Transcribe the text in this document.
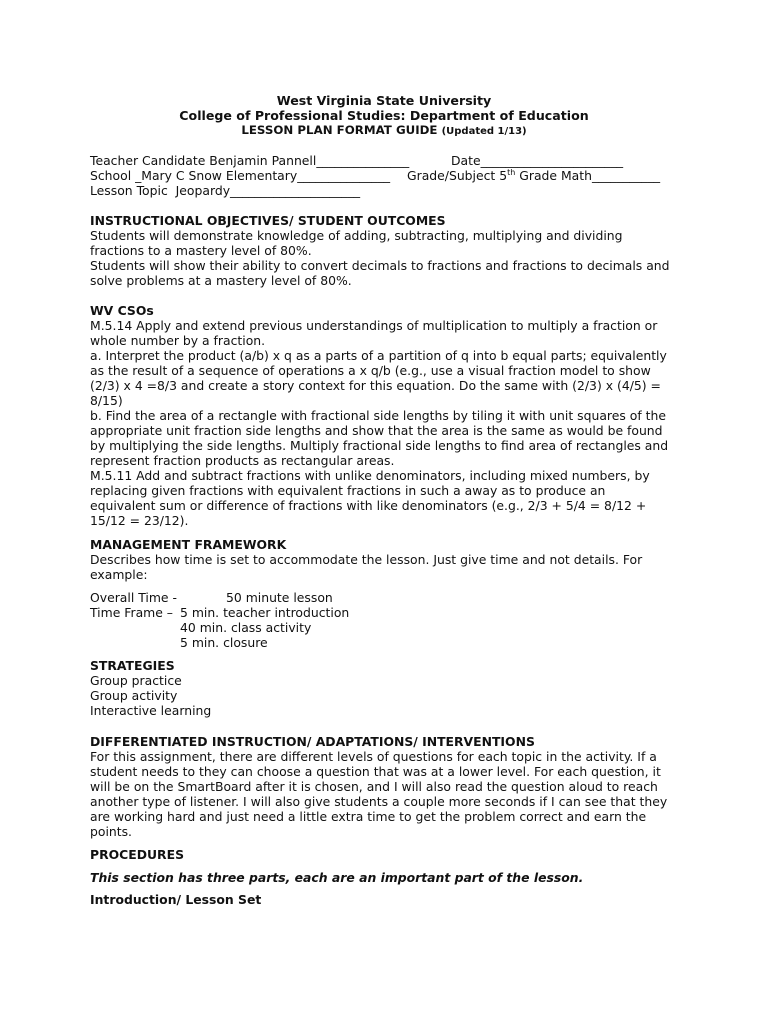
West Virginia State University
College of Professional Studies: Department of Education
LESSON PLAN FORMAT GUIDE (Updated 1/13)
Teacher Candidate Benjamin Pannell_______________	Date_______________________
School _Mary C Snow Elementary_______________ Grade/Subject 5th Grade Math___________
Lesson Topic  Jeopardy_____________________
INSTRUCTIONAL OBJECTIVES/ STUDENT OUTCOMES
Students will demonstrate knowledge of adding, subtracting, multiplying and dividing
fractions to a mastery level of 80%.
Students will show their ability to convert decimals to fractions and fractions to decimals and
solve problems at a mastery level of 80%.
WV CSOs
M.5.14 Apply and extend previous understandings of multiplication to multiply a fraction or
whole number by a fraction.
a. Interpret the product (a/b) x q as a parts of a partition of q into b equal parts; equivalently
as the result of a sequence of operations a x q/b (e.g., use a visual fraction model to show
(2/3) x 4 =8/3 and create a story context for this equation. Do the same with (2/3) x (4/5) =
8/15)
b. Find the area of a rectangle with fractional side lengths by tiling it with unit squares of the
appropriate unit fraction side lengths and show that the area is the same as would be found
by multiplying the side lengths. Multiply fractional side lengths to find area of rectangles and
represent fraction products as rectangular areas.
M.5.11 Add and subtract fractions with unlike denominators, including mixed numbers, by
replacing given fractions with equivalent fractions in such a away as to produce an
equivalent sum or difference of fractions with like denominators (e.g., 2/3 + 5/4 = 8/12 +
15/12 = 23/12).
MANAGEMENT FRAMEWORK
Describes how time is set to accommodate the lesson. Just give time and not details. For
example:
Overall Time -	50 minute lesson
Time Frame – 5 min. teacher introduction
40 min. class activity
5 min. closure
STRATEGIES
Group practice
Group activity
Interactive learning
DIFFERENTIATED INSTRUCTION/ ADAPTATIONS/ INTERVENTIONS
For this assignment, there are different levels of questions for each topic in the activity. If a
student needs to they can choose a question that was at a lower level. For each question, it
will be on the SmartBoard after it is chosen, and I will also read the question aloud to reach
another type of listener. I will also give students a couple more seconds if I can see that they
are working hard and just need a little extra time to get the problem correct and earn the
points.
PROCEDURES
This section has three parts, each are an important part of the lesson.
Introduction/ Lesson Set
